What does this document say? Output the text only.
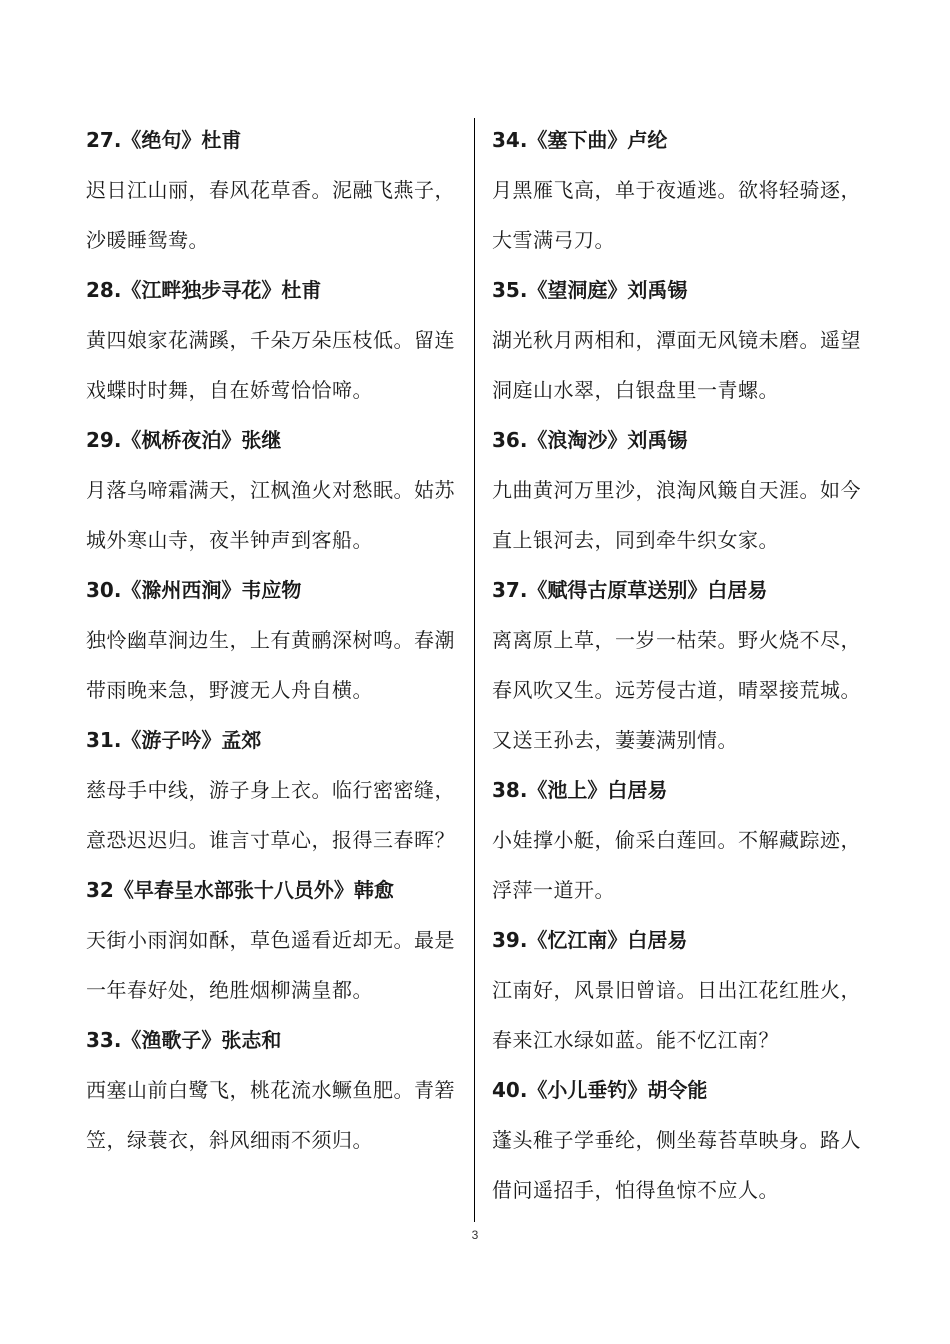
27.《绝句》杜甫

迟日江山丽，春风花草香。泥融飞燕子，沙暖睡鸳鸯。

28.《江畔独步寻花》杜甫

黄四娘家花满蹊，千朵万朵压枝低。留连戏蝶时时舞，自在娇莺恰恰啼。

29.《枫桥夜泊》张继

月落乌啼霜满天，江枫渔火对愁眠。姑苏城外寒山寺，夜半钟声到客船。

30.《滁州西涧》韦应物

独怜幽草涧边生，上有黄鹂深树鸣。春潮带雨晚来急，野渡无人舟自横。

31.《游子吟》孟郊

慈母手中线，游子身上衣。临行密密缝，意恐迟迟归。谁言寸草心，报得三春晖？

32《早春呈水部张十八员外》韩愈

天街小雨润如酥，草色遥看近却无。最是一年春好处，绝胜烟柳满皇都。

33.《渔歌子》张志和

西塞山前白鹭飞，桃花流水鳜鱼肥。青箬笠，绿蓑衣，斜风细雨不须归。

34.《塞下曲》卢纶

月黑雁飞高，单于夜遁逃。欲将轻骑逐，大雪满弓刀。

35.《望洞庭》刘禹锡

湖光秋月两相和，潭面无风镜未磨。遥望洞庭山水翠，白银盘里一青螺。

36.《浪淘沙》刘禹锡

九曲黄河万里沙，浪淘风簸自天涯。如今直上银河去，同到牵牛织女家。

37.《赋得古原草送别》白居易

离离原上草，一岁一枯荣。野火烧不尽，春风吹又生。远芳侵古道，晴翠接荒城。又送王孙去，萋萋满别情。

38.《池上》白居易

小娃撑小艇，偷采白莲回。不解藏踪迹，浮萍一道开。

39.《忆江南》白居易

江南好，风景旧曾谙。日出江花红胜火，春来江水绿如蓝。能不忆江南？

40.《小儿垂钓》胡令能

蓬头稚子学垂纶，侧坐莓苔草映身。路人借问遥招手，怕得鱼惊不应人。

3
